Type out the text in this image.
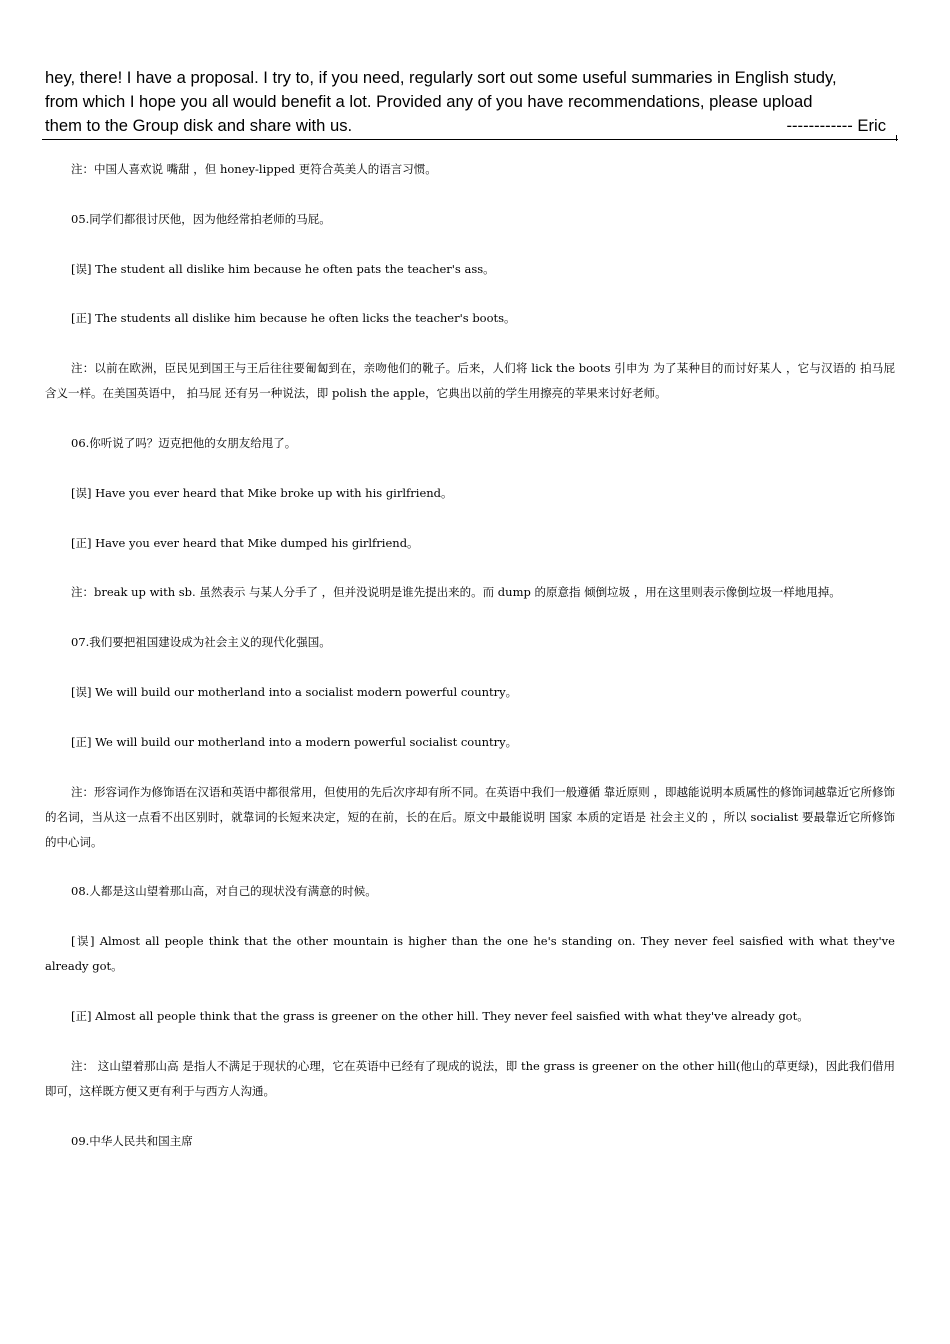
hey, there! I have a proposal. I try to, if you need, regularly sort out some useful summaries in English study,
from which I hope you all would benefit a lot. Provided any of you have recommendations, please upload
them to the Group disk and share with us.	------------ Eric

注：中国人喜欢说 嘴甜 ，但 honey-lipped 更符合英美人的语言习惯。

05.同学们都很讨厌他，因为他经常拍老师的马屁。

[误] The student all dislike him because he often pats the teacher's ass。

[正] The students all dislike him because he often licks the teacher's boots。

注：以前在欧洲，臣民见到国王与王后往往要匍匐到在，亲吻他们的靴子。后来，人们将 lick the boots 引申为 为了某种目的而讨好某人 ，它与汉语的 拍马屁 含义一样。在美国英语中， 拍马屁 还有另一种说法，即 polish the apple，它典出以前的学生用擦亮的苹果来讨好老师。

06.你听说了吗？迈克把他的女朋友给甩了。

[误] Have you ever heard that Mike broke up with his girlfriend。

[正] Have you ever heard that Mike dumped his girlfriend。

注：break up with sb. 虽然表示 与某人分手了 ，但并没说明是谁先提出来的。而 dump 的原意指 倾倒垃圾 ，用在这里则表示像倒垃圾一样地甩掉。

07.我们要把祖国建设成为社会主义的现代化强国。

[误] We will build our motherland into a socialist modern powerful country。

[正] We will build our motherland into a modern powerful socialist country。

注：形容词作为修饰语在汉语和英语中都很常用，但使用的先后次序却有所不同。在英语中我们一般遵循 靠近原则 ，即越能说明本质属性的修饰词越靠近它所修饰的名词，当从这一点看不出区别时，就靠词的长短来决定，短的在前，长的在后。原文中最能说明 国家 本质的定语是 社会主义的 ，所以 socialist 要最靠近它所修饰的中心词。

08.人都是这山望着那山高，对自己的现状没有满意的时候。

[误] Almost all people think that the other mountain is higher than the one he's standing on. They never feel saisfied with what they've already got。

[正] Almost all people think that the grass is greener on the other hill. They never feel saisfied with what they've already got。

注： 这山望着那山高 是指人不满足于现状的心理，它在英语中已经有了现成的说法，即 the grass is greener on the other hill(他山的草更绿)，因此我们借用即可，这样既方便又更有利于与西方人沟通。

09.中华人民共和国主席
